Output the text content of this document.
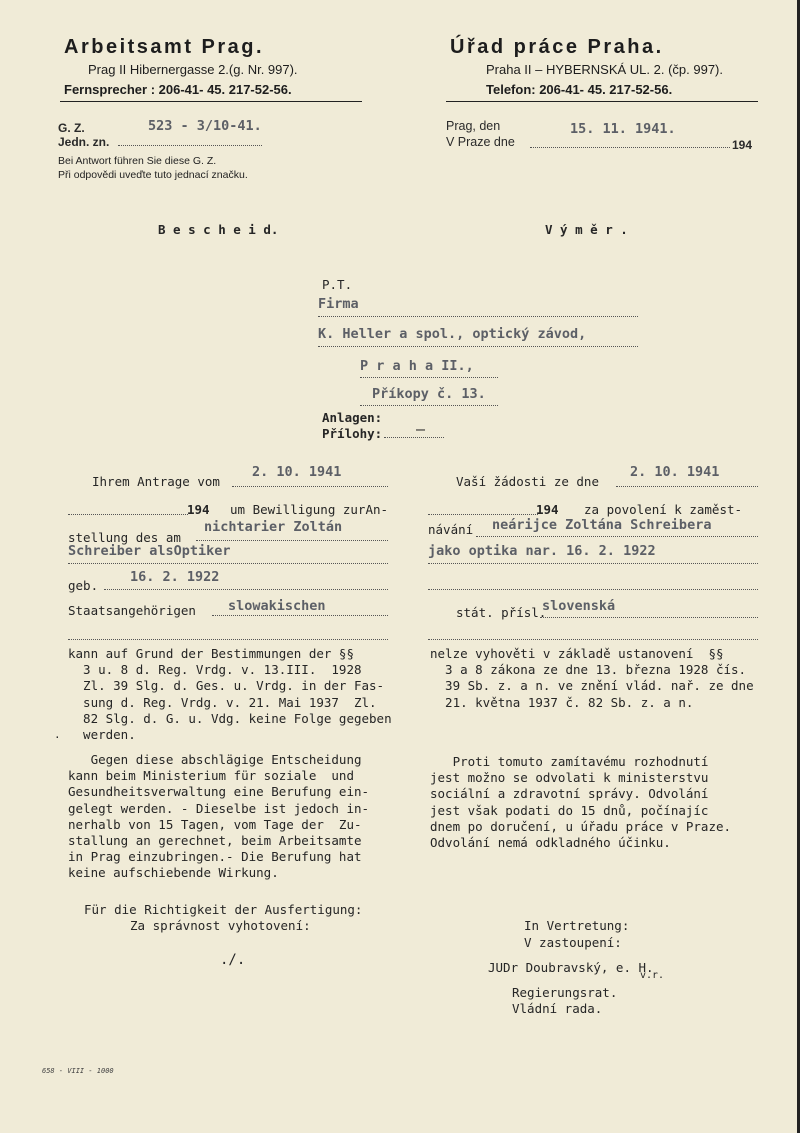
Arbeitsamt Prag.
Prag II Hibernergasse 2.(g. Nr. 997).
Fernsprecher : 206-41- 45. 217-52-56.
Úřad práce Praha.
Praha II – HYBERNSKÁ UL. 2. (čp. 997).
Telefon: 206-41- 45. 217-52-56.
G. Z.
Jedn. zn.
523 - 3/10-41.
Bei Antwort führen Sie diese G. Z.
Při odpovědi uveďte tuto jednací značku.
Prag, den
V Praze dne
15. 11. 1941.
194
B e s c h e i d.	V ý m ě r .
P.T.
Firma
K. Heller a spol., optický závod,
P r a h a II.,
Příkopy č. 13.
Anlagen:
Přílohy: —
Ihrem Antrage vom
2. 10. 1941
194 um Bewilligung zurAn-
stellung des am
nichtarier Zoltán
Schreiber alsOptiker
geb.
16. 2. 1922
Staatsangehörigen slowakischen
kann auf Grund der Bestimmungen der §§
3 u. 8 d. Reg. Vrdg. v. 13.III.  1928
Zl. 39 Slg. d. Ges. u. Vrdg. in der Fas-
sung d. Reg. Vrdg. v. 21. Mai 1937  Zl.
82 Slg. d. G. u. Vdg. keine Folge gegeben
werden.
.
Gegen diese abschlägige Entscheidung
kann beim Ministerium für soziale  und
Gesundheitsverwaltung eine Berufung ein-
gelegt werden. - Dieselbe ist jedoch in-
nerhalb von 15 Tagen, vom Tage der  Zu-
stallung an gerechnet, beim Arbeitsamte
in Prag einzubringen.- Die Berufung hat
keine aufschiebende Wirkung.
Für die Richtigkeit der Ausfertigung:
Za správnost vyhotovení:
./.
Vaší žádosti ze dne
2. 10. 1941
194 za povolení k zaměst-
návání neárijce Zoltána Schreibera
jako optika nar. 16. 2. 1922
stát. přísl.
slovenská
nelze vyhověti v základě ustanovení  §§
3 a 8 zákona ze dne 13. března 1928 čís.
39 Sb. z. a n. ve znění vlád. nař. ze dne
21. května 1937 č. 82 Sb. z. a n.
Proti tomuto zamítavému rozhodnutí
jest možno se odvolati k ministerstvu
sociální a zdravotní správy. Odvolání
jest však podati do 15 dnů, počínajíc
dnem po doručení, u úřadu práce v Praze.
Odvolání nemá odkladného účinku.
In Vertretung:
V zastoupení:
JUDr Doubravský, e. H.
v.r.
Regierungsrat.
Vládní rada.
658 - VIII - 1000
